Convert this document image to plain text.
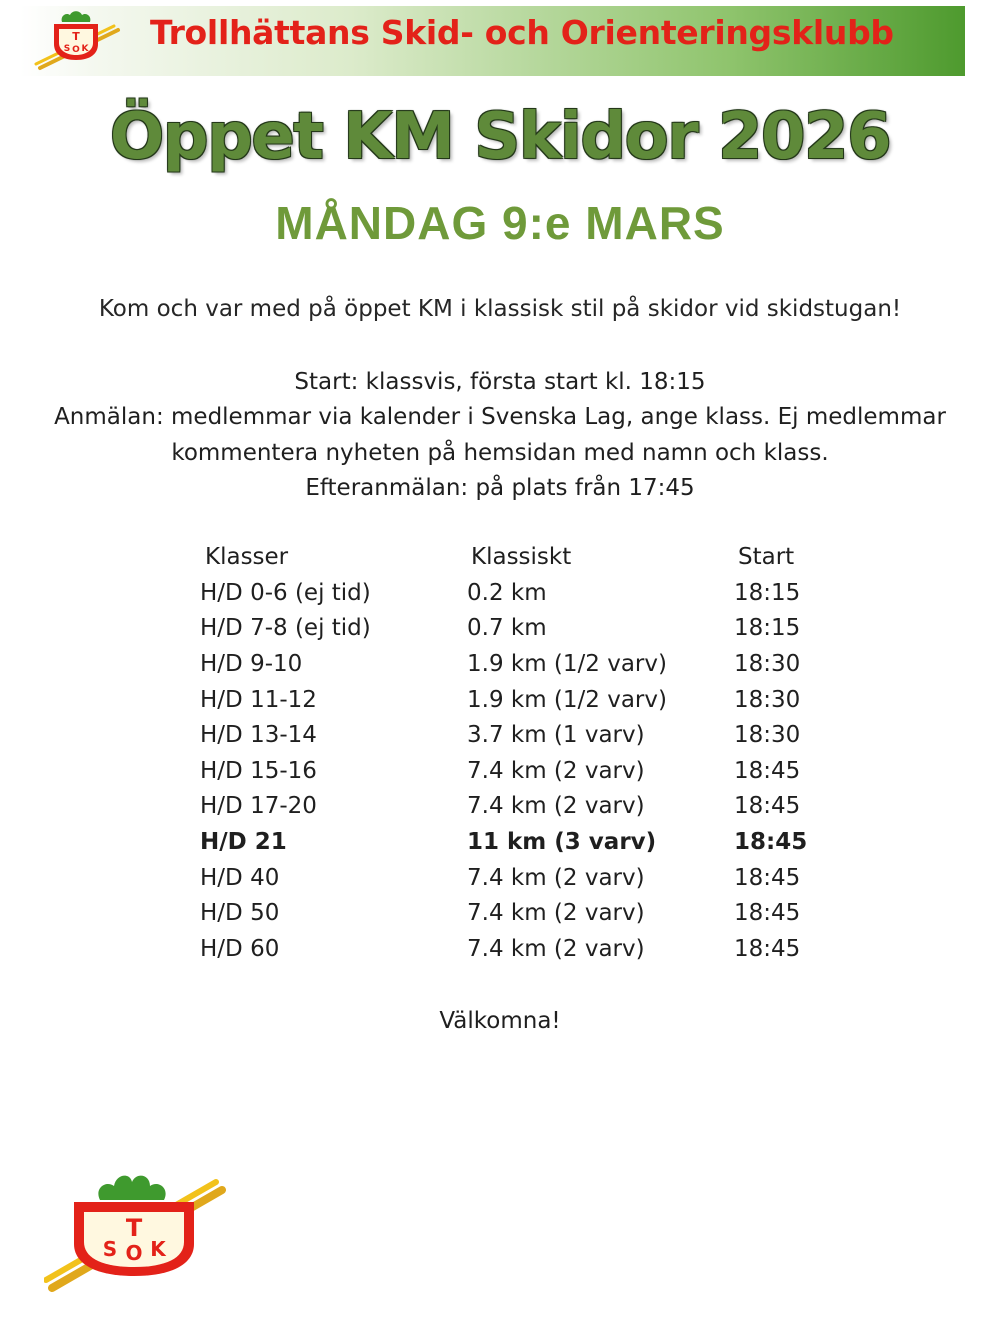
T
S O K Trollhättans Skid- och Orienteringsklubb
Öppet KM Skidor 2026
MÅNDAG 9:e MARS
Kom och var med på öppet KM i klassisk stil på skidor vid skidstugan!
Start: klassvis, första start kl. 18:15
Anmälan: medlemmar via kalender i Svenska Lag, ange klass. Ej medlemmar
kommentera nyheten på hemsidan med namn och klass.
Efteranmälan: på plats från 17:45
Klasser	Klassiskt	Start
H/D 0-6 (ej tid)	0.2 km	18:15
H/D 7-8 (ej tid)	0.7 km	18:15
H/D 9-10	1.9 km (1/2 varv)	18:30
H/D 11-12	1.9 km (1/2 varv)	18:30
H/D 13-14	3.7 km (1 varv)	18:30
H/D 15-16	7.4 km (2 varv)	18:45
H/D 17-20	7.4 km (2 varv)	18:45
H/D 21	11 km (3 varv)	18:45
H/D 40	7.4 km (2 varv)	18:45
H/D 50	7.4 km (2 varv)	18:45
H/D 60	7.4 km (2 varv)	18:45
Välkomna!
T
S O K
